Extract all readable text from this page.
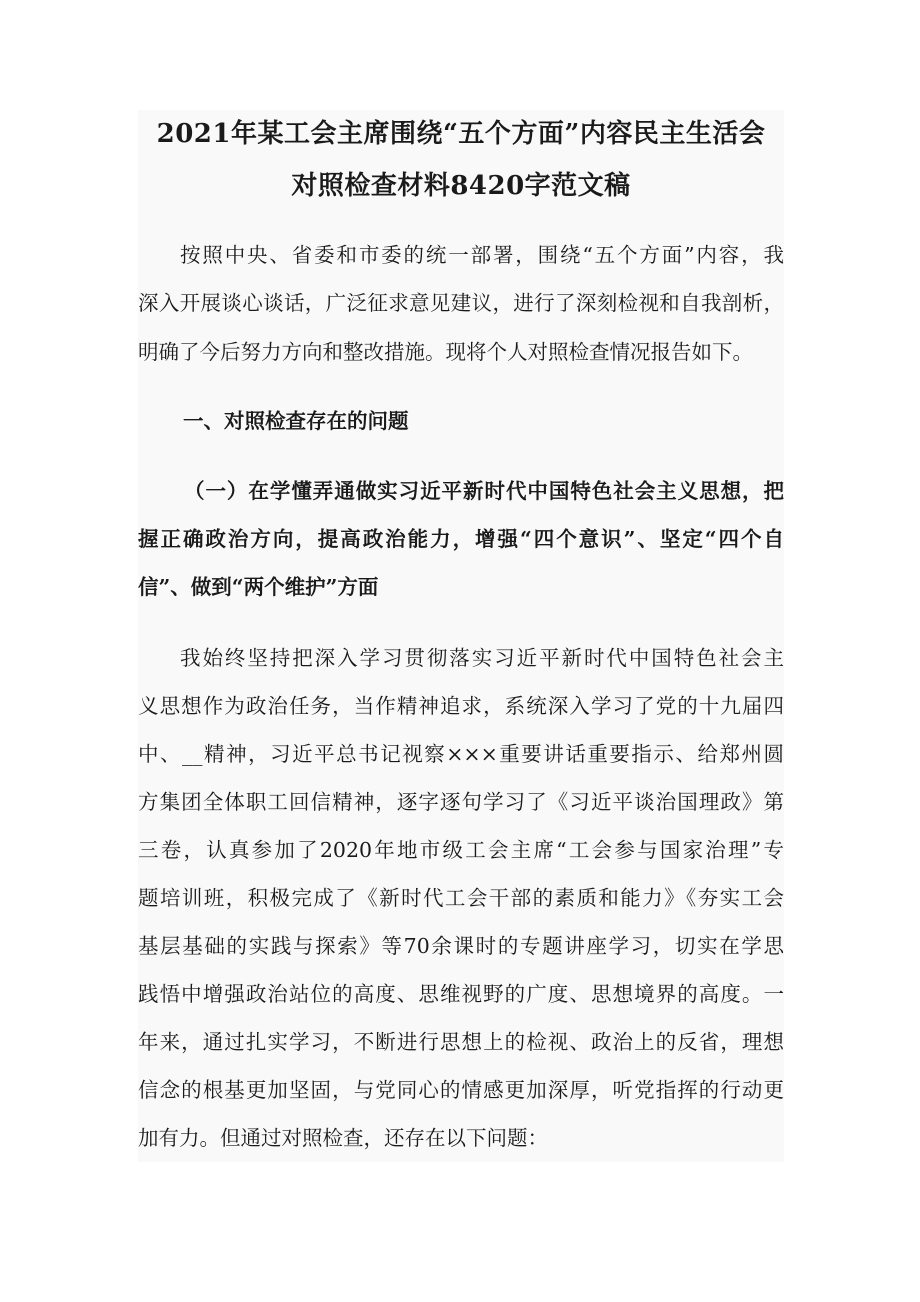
2021年某工会主席围绕“五个方面”内容民主生活会
对照检查材料8420字范文稿
按照中央、省委和市委的统一部署，围绕“五个方面”内容，我
深入开展谈心谈话，广泛征求意见建议，进行了深刻检视和自我剖析，
明确了今后努力方向和整改措施。现将个人对照检查情况报告如下。
一、对照检查存在的问题
（一）在学懂弄通做实习近平新时代中国特色社会主义思想，把
握正确政治方向，提高政治能力，增强“四个意识”、坚定“四个自
信”、做到“两个维护”方面
我始终坚持把深入学习贯彻落实习近平新时代中国特色社会主
义思想作为政治任务，当作精神追求，系统深入学习了党的十九届四
中、__精神，习近平总书记视察×××重要讲话重要指示、给郑州圆
方集团全体职工回信精神，逐字逐句学习了《习近平谈治国理政》第
三卷，认真参加了2020年地市级工会主席“工会参与国家治理”专
题培训班，积极完成了《新时代工会干部的素质和能力》《夯实工会
基层基础的实践与探索》等70余课时的专题讲座学习，切实在学思
践悟中增强政治站位的高度、思维视野的广度、思想境界的高度。一
年来，通过扎实学习，不断进行思想上的检视、政治上的反省，理想
信念的根基更加坚固，与党同心的情感更加深厚，听党指挥的行动更
加有力。但通过对照检查，还存在以下问题：
